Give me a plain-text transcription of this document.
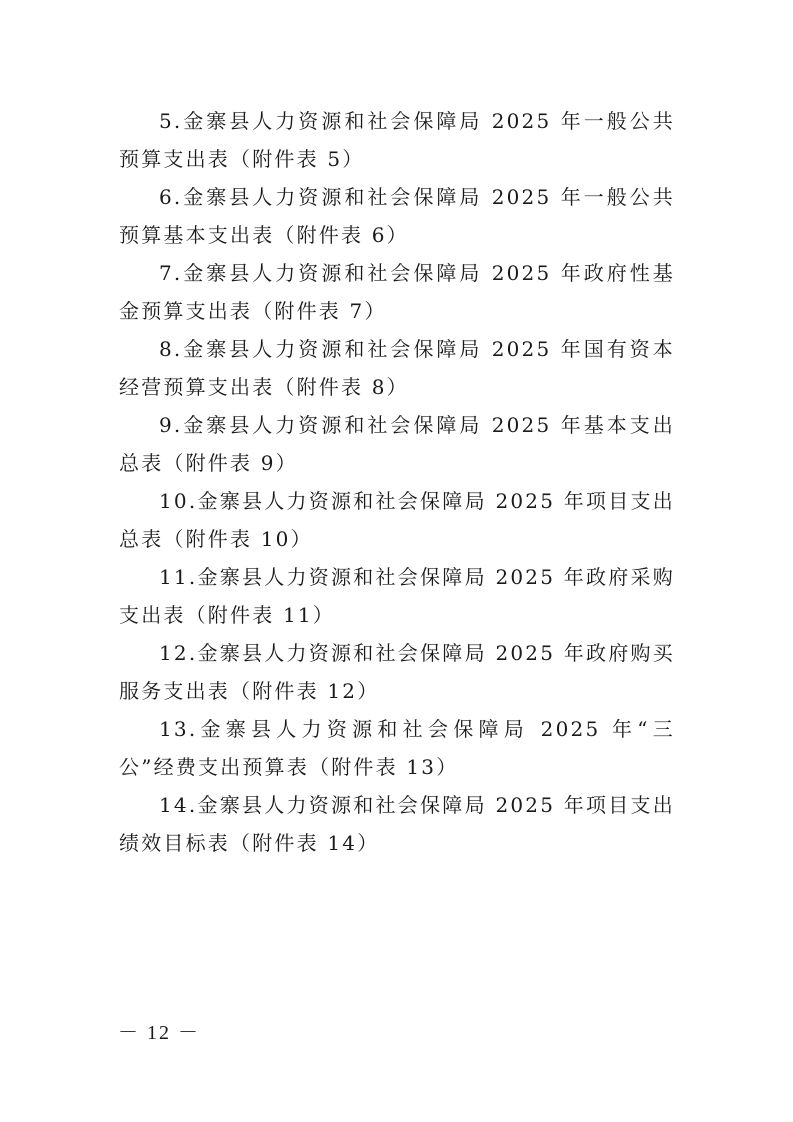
5.金寨县人力资源和社会保障局 2025 年一般公共预算支出表（附件表 5）

6.金寨县人力资源和社会保障局 2025 年一般公共预算基本支出表（附件表 6）

7.金寨县人力资源和社会保障局 2025 年政府性基金预算支出表（附件表 7）

8.金寨县人力资源和社会保障局 2025 年国有资本经营预算支出表（附件表 8）

9.金寨县人力资源和社会保障局 2025 年基本支出总表（附件表 9）

10.金寨县人力资源和社会保障局 2025 年项目支出总表（附件表 10）

11.金寨县人力资源和社会保障局 2025 年政府采购支出表（附件表 11）

12.金寨县人力资源和社会保障局 2025 年政府购买服务支出表（附件表 12）

13.金寨县人力资源和社会保障局 2025 年“三公”经费支出预算表（附件表 13）

14.金寨县人力资源和社会保障局 2025 年项目支出绩效目标表（附件表 14）

－ 12 －
